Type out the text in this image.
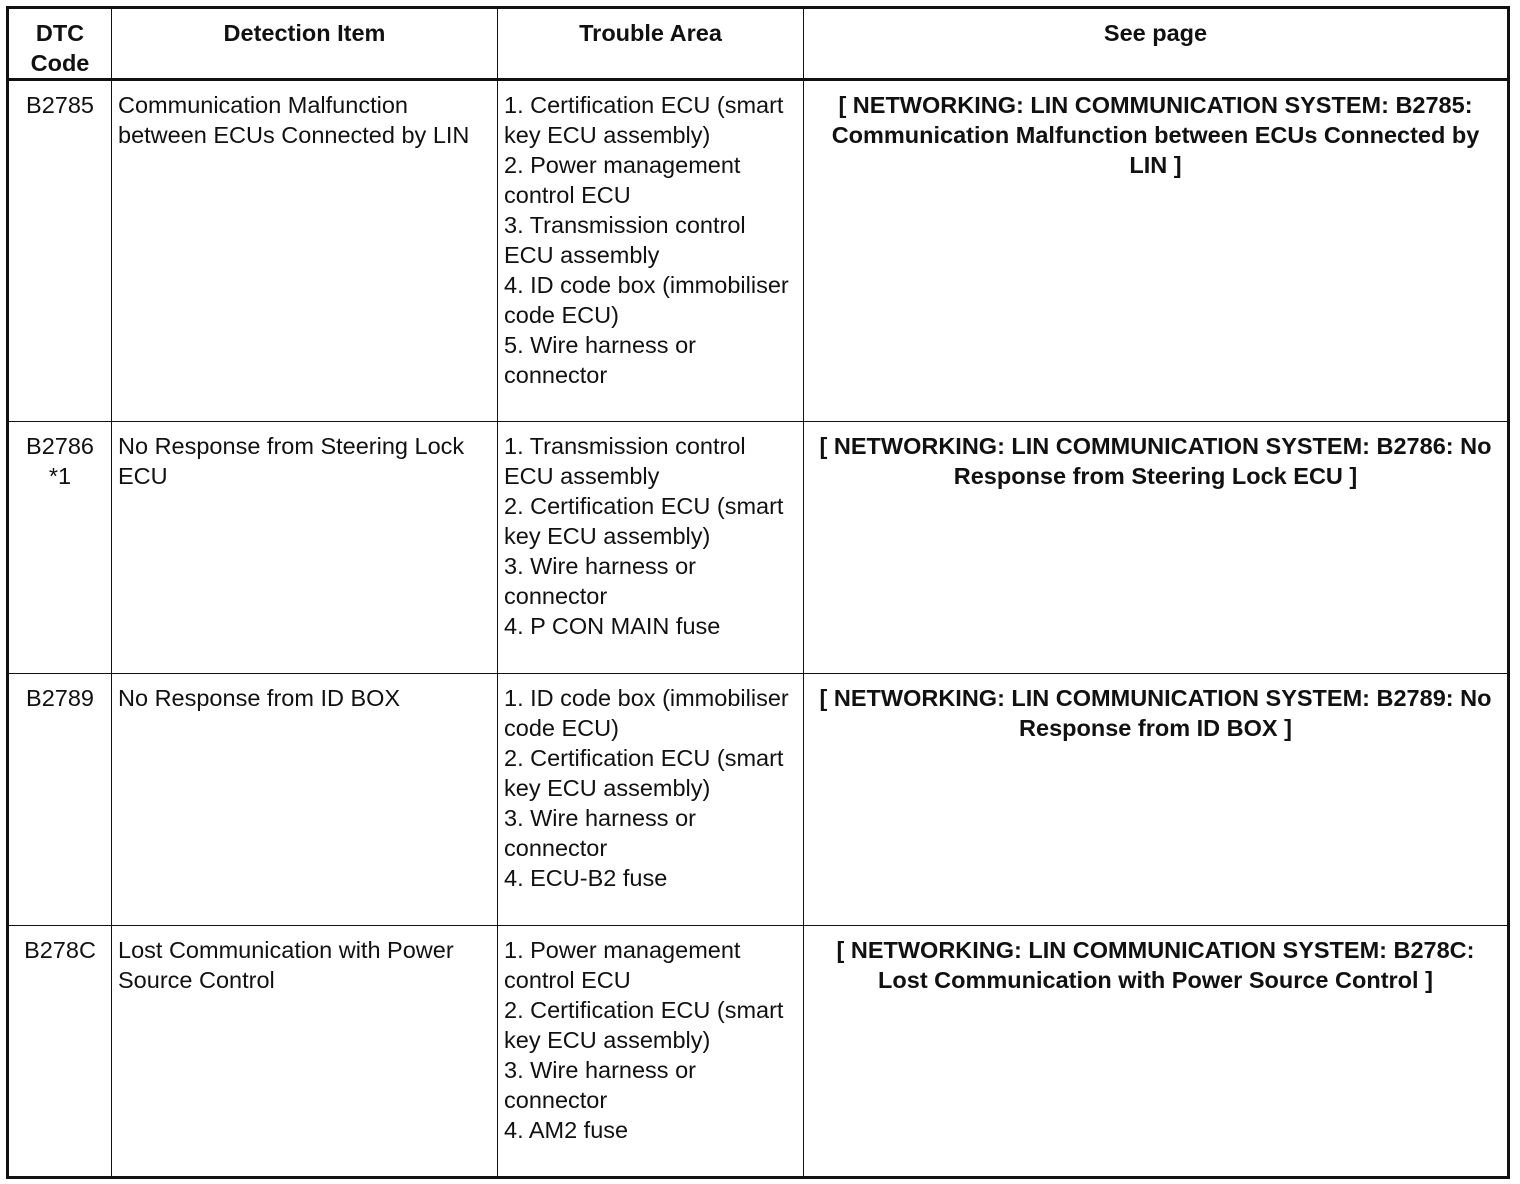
DTC
Code	Detection Item	Trouble Area	See page

B2785	Communication Malfunction between ECUs Connected by LIN	1. Certification ECU (smart key ECU assembly)
2. Power management control ECU
3. Transmission control ECU assembly
4. ID code box (immobiliser code ECU)
5. Wire harness or connector	[ NETWORKING: LIN COMMUNICATION SYSTEM: B2785: Communication Malfunction between ECUs Connected by LIN ]

B2786
*1	No Response from Steering Lock ECU	1. Transmission control ECU assembly
2. Certification ECU (smart key ECU assembly)
3. Wire harness or connector
4. P CON MAIN fuse	[ NETWORKING: LIN COMMUNICATION SYSTEM: B2786: No Response from Steering Lock ECU ]

B2789	No Response from ID BOX	1. ID code box (immobiliser code ECU)
2. Certification ECU (smart key ECU assembly)
3. Wire harness or connector
4. ECU-B2 fuse	[ NETWORKING: LIN COMMUNICATION SYSTEM: B2789: No Response from ID BOX ]

B278C	Lost Communication with Power Source Control	1. Power management control ECU
2. Certification ECU (smart key ECU assembly)
3. Wire harness or connector
4. AM2 fuse	[ NETWORKING: LIN COMMUNICATION SYSTEM: B278C: Lost Communication with Power Source Control ]
